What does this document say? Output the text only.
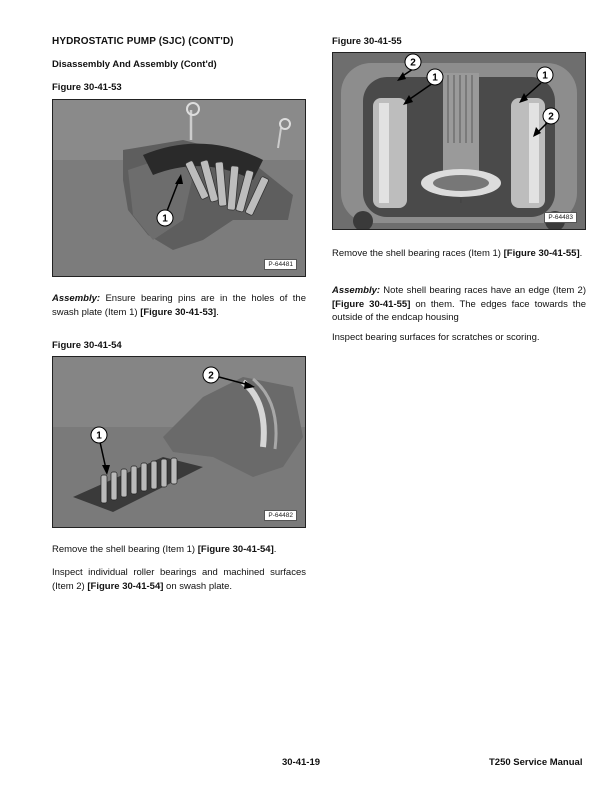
HYDROSTATIC PUMP (SJC) (CONT'D)
Disassembly And Assembly (Cont'd)
Figure 30-41-53
1
P-64481
Assembly: Ensure bearing pins are in the holes of the swash plate (Item 1) [Figure 30-41-53].
Figure 30-41-54
1
2
P-64482
Remove the shell bearing (Item 1) [Figure 30-41-54].
Inspect individual roller bearings and machined surfaces (Item 2) [Figure 30-41-54] on swash plate.
Figure 30-41-55
I
2
1	1
2
P-64483
Remove the shell bearing races (Item 1) [Figure 30-41-55].
Assembly: Note shell bearing races have an edge (Item 2) [Figure 30-41-55] on them. The edges face towards the outside of the endcap housing
Inspect bearing surfaces for scratches or scoring.
30-41-19	T250 Service Manual
